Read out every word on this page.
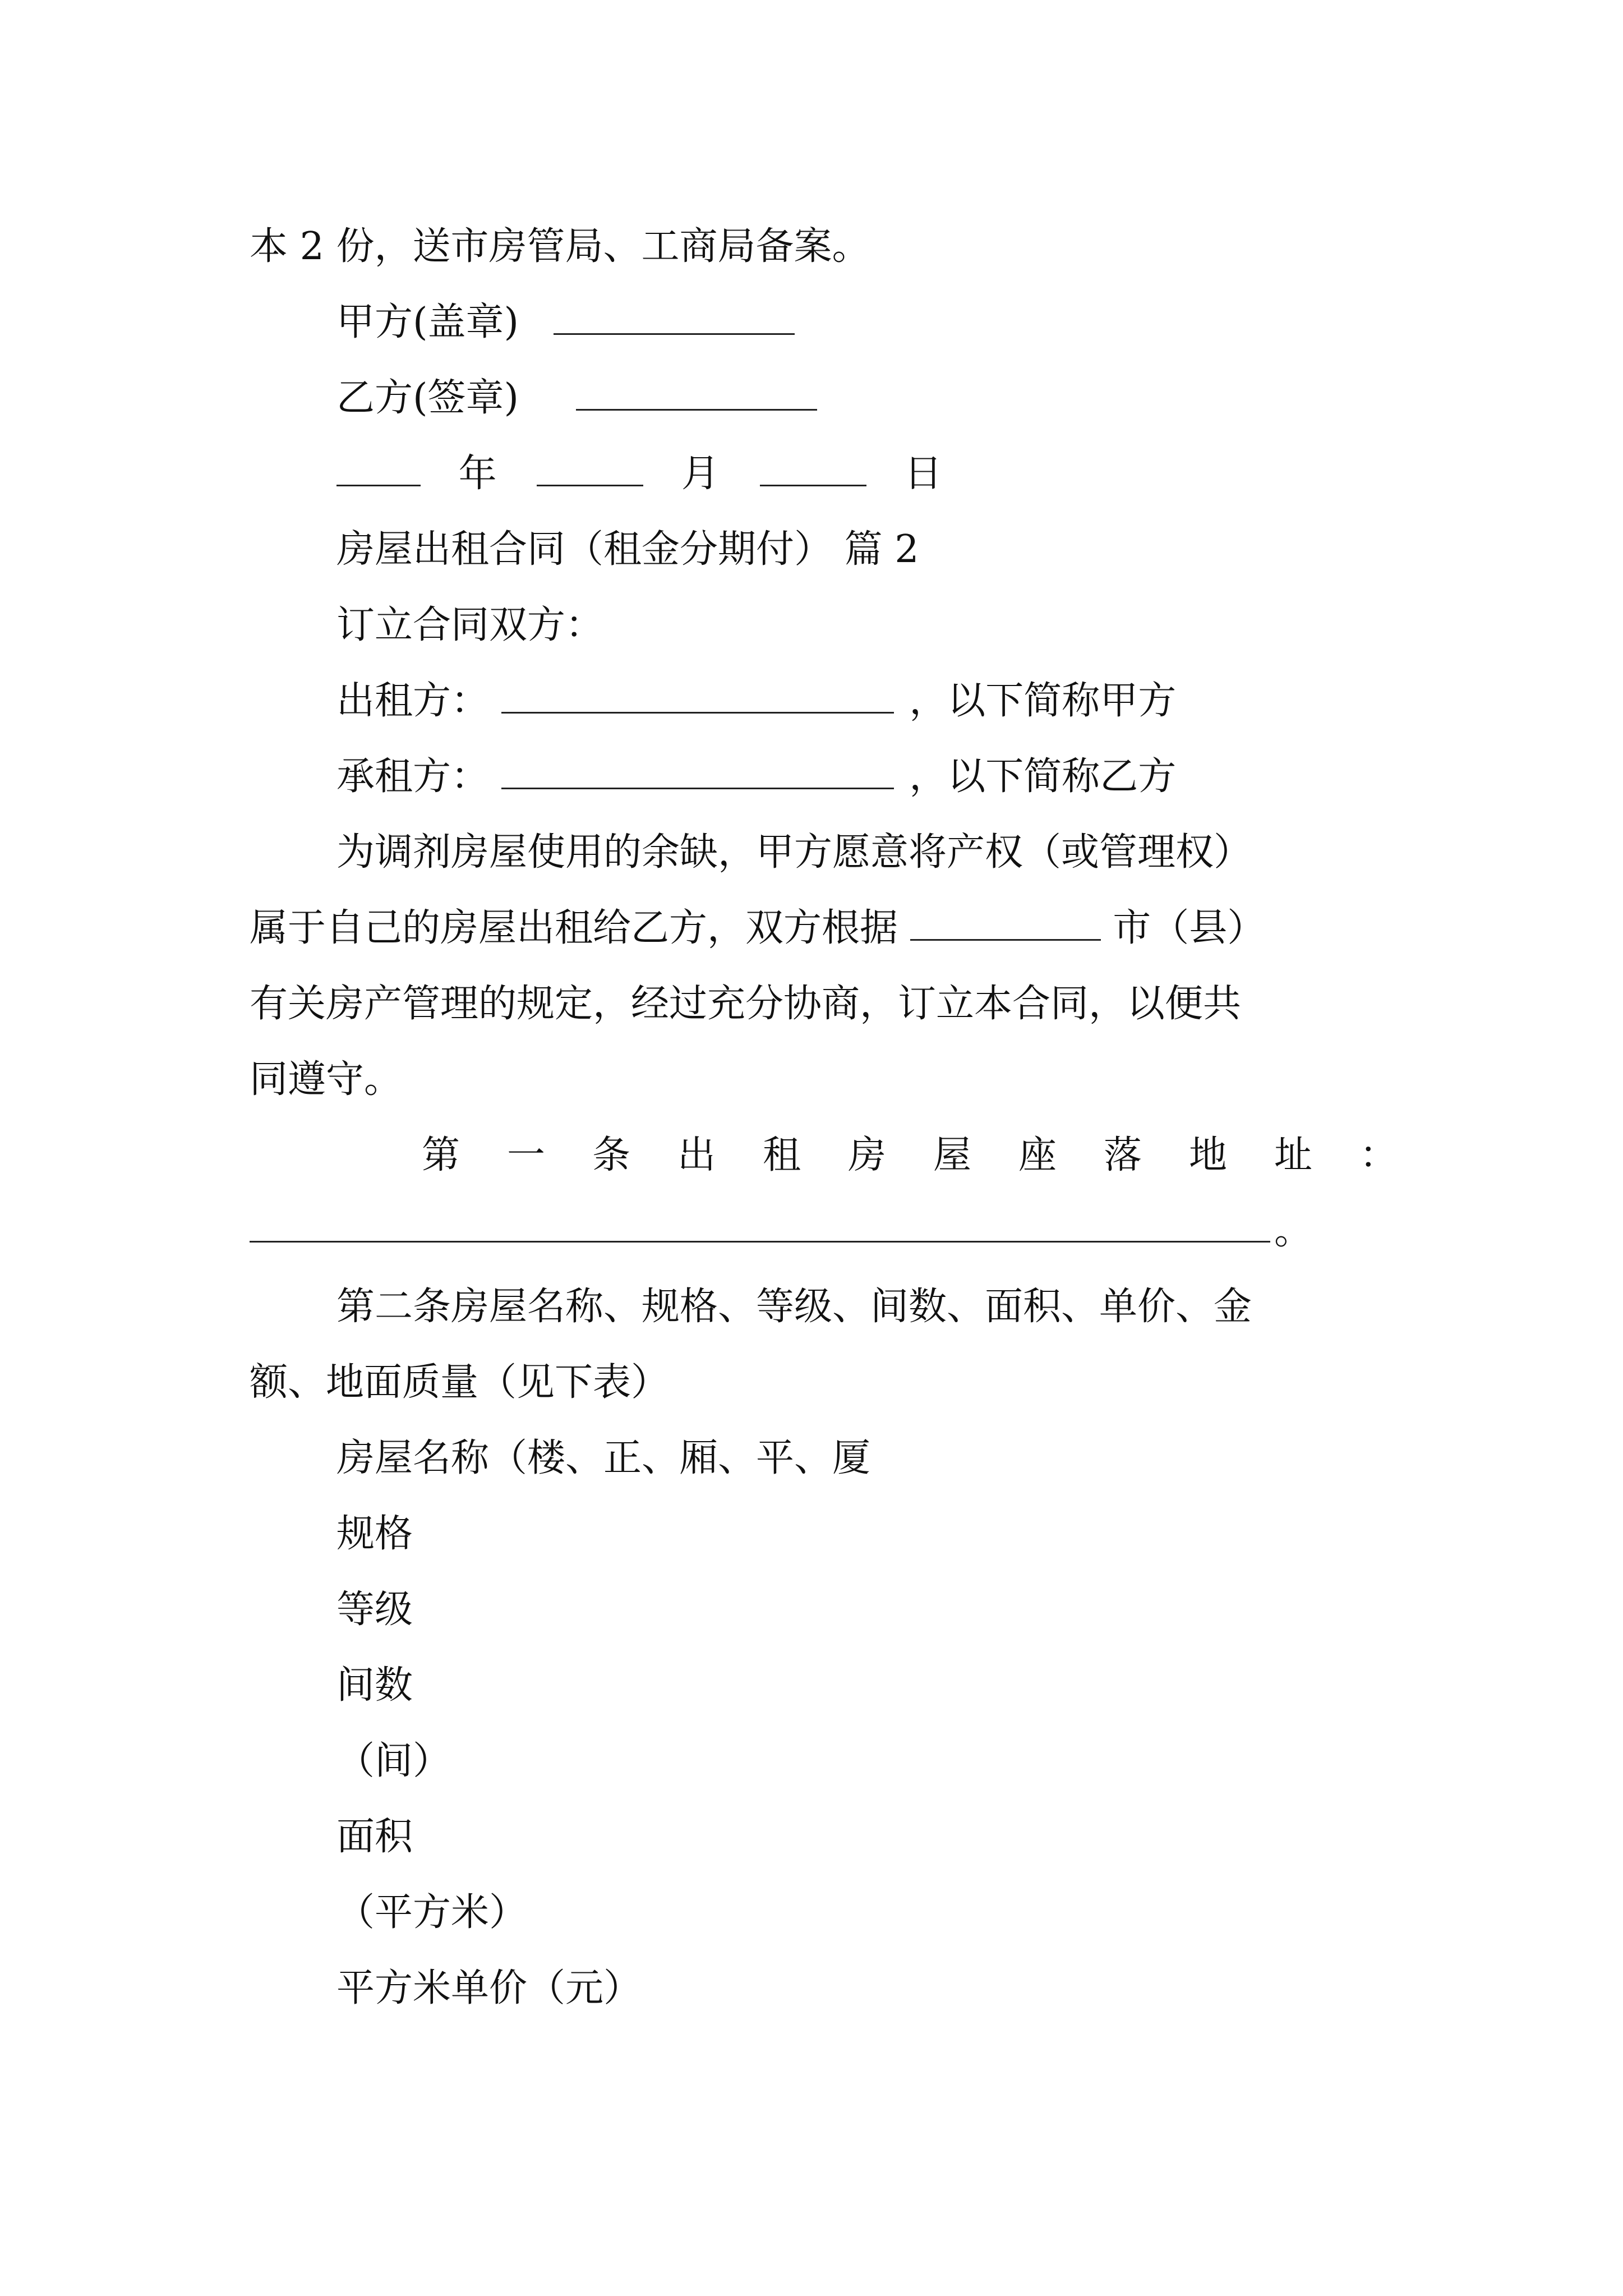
本 2 份，送市房管局、工商局备案。
甲方(盖章)
乙方(签章)
年	月	日
房屋出租合同（租金分期付） 篇 2
订立合同双方：
出租方：	，以下简称甲方
承租方：	，以下简称乙方
为调剂房屋使用的余缺，甲方愿意将产权（或管理权）
属于自己的房屋出租给乙方，双方根据	市（县）
有关房产管理的规定，经过充分协商，订立本合同，以便共
同遵守。
第一条出租房屋座落地址：
。
第二条房屋名称、规格、等级、间数、面积、单价、金
额、地面质量（见下表）
房屋名称（楼、正、厢、平、厦
规格
等级
间数
（间）
面积
（平方米）
平方米单价（元）
